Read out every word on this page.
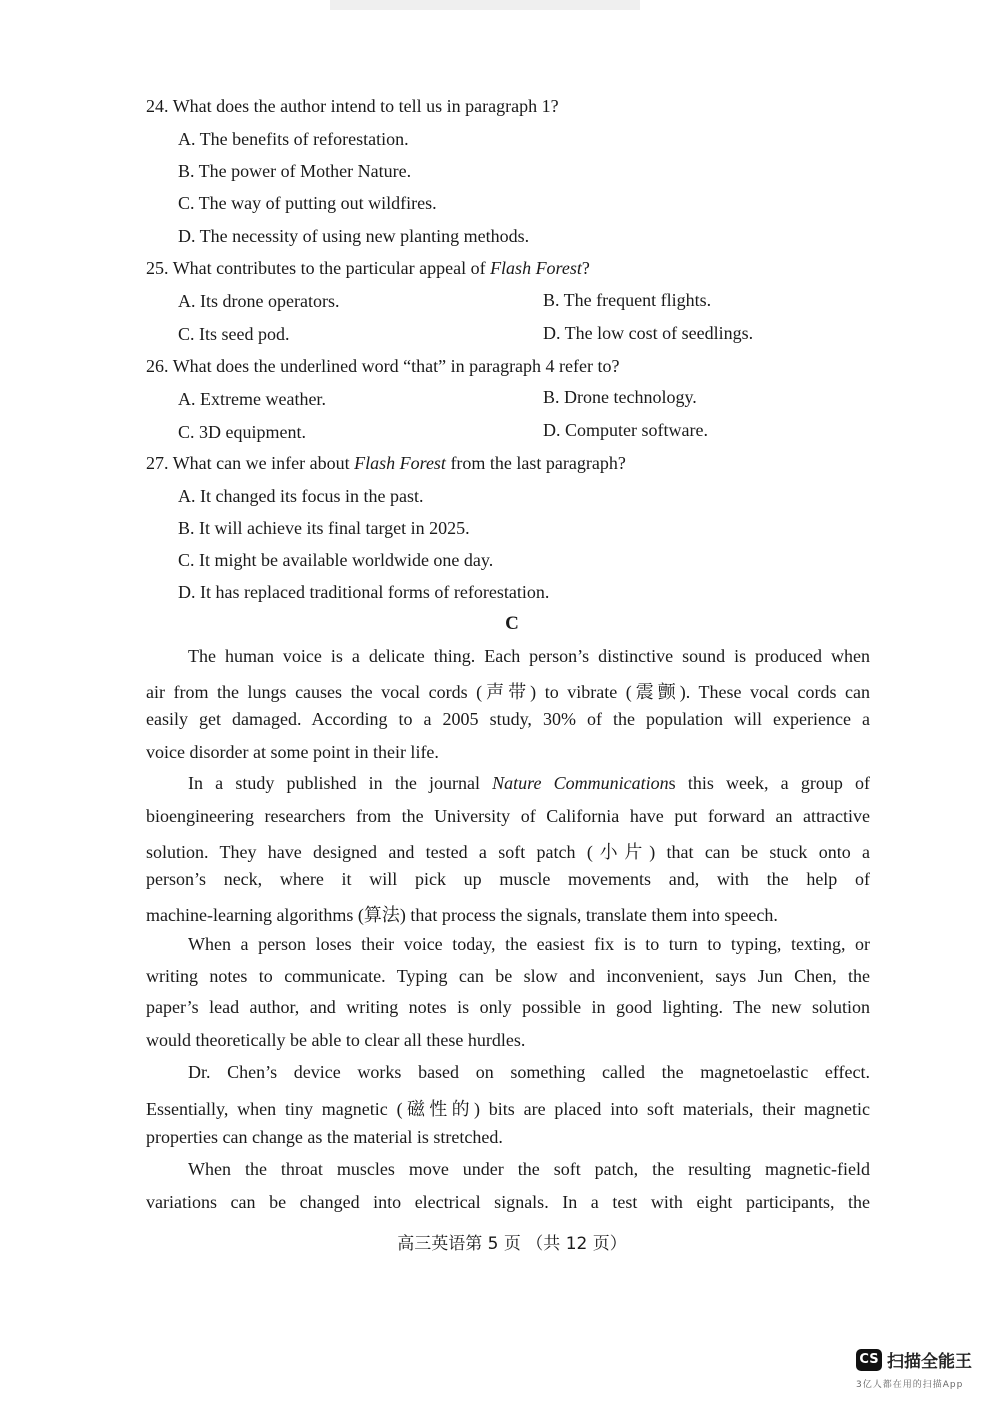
24. What does the author intend to tell us in paragraph 1?
A. The benefits of reforestation.
B. The power of Mother Nature.
C. The way of putting out wildfires.
D. The necessity of using new planting methods.
25. What contributes to the particular appeal of Flash Forest?
A. Its drone operators.	B. The frequent flights.
C. Its seed pod.	D. The low cost of seedlings.
26. What does the underlined word “that” in paragraph 4 refer to?
A. Extreme weather.	B. Drone technology.
C. 3D equipment.	D. Computer software.
27. What can we infer about Flash Forest from the last paragraph?
A. It changed its focus in the past.
B. It will achieve its final target in 2025.
C. It might be available worldwide one day.
D. It has replaced traditional forms of reforestation.
C
The human voice is a delicate thing. Each person’s distinctive sound is produced when
air from the lungs causes the vocal cords (声带) to vibrate (震颤). These vocal cords can
easily get damaged. According to a 2005 study, 30% of the population will experience a
voice disorder at some point in their life.
In a study published in the journal Nature Communications this week, a group of
bioengineering researchers from the University of California have put forward an attractive
solution. They have designed and tested a soft patch (小片) that can be stuck onto a
person’s neck, where it will pick up muscle movements and, with the help of
machine-learning algorithms (算法) that process the signals, translate them into speech.
When a person loses their voice today, the easiest fix is to turn to typing, texting, or
writing notes to communicate. Typing can be slow and inconvenient, says Jun Chen, the
paper’s lead author, and writing notes is only possible in good lighting. The new solution
would theoretically be able to clear all these hurdles.
Dr. Chen’s device works based on something called the magnetoelastic effect.
Essentially, when tiny magnetic (磁性的) bits are placed into soft materials, their magnetic
properties can change as the material is stretched.
When the throat muscles move under the soft patch, the resulting magnetic-field
variations can be changed into electrical signals. In a test with eight participants, the
高三英语第 5 页 （共 12 页）
CS 扫描全能王
3亿人都在用的扫描App
